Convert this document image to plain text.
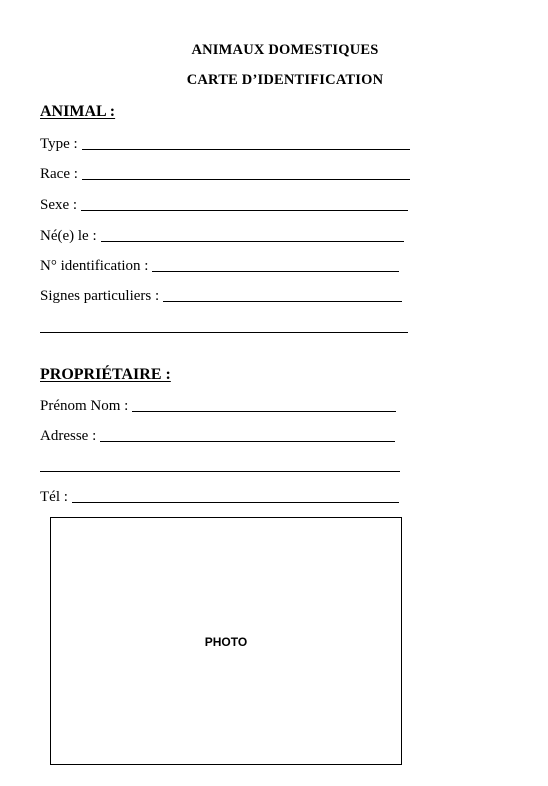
ANIMAUX DOMESTIQUES
CARTE D’IDENTIFICATION
ANIMAL :
Type :
Race :
Sexe :
Né(e) le :
N° identification :
Signes particuliers :
PROPRIÉTAIRE :
Prénom Nom :
Adresse :
Tél :
PHOTO
